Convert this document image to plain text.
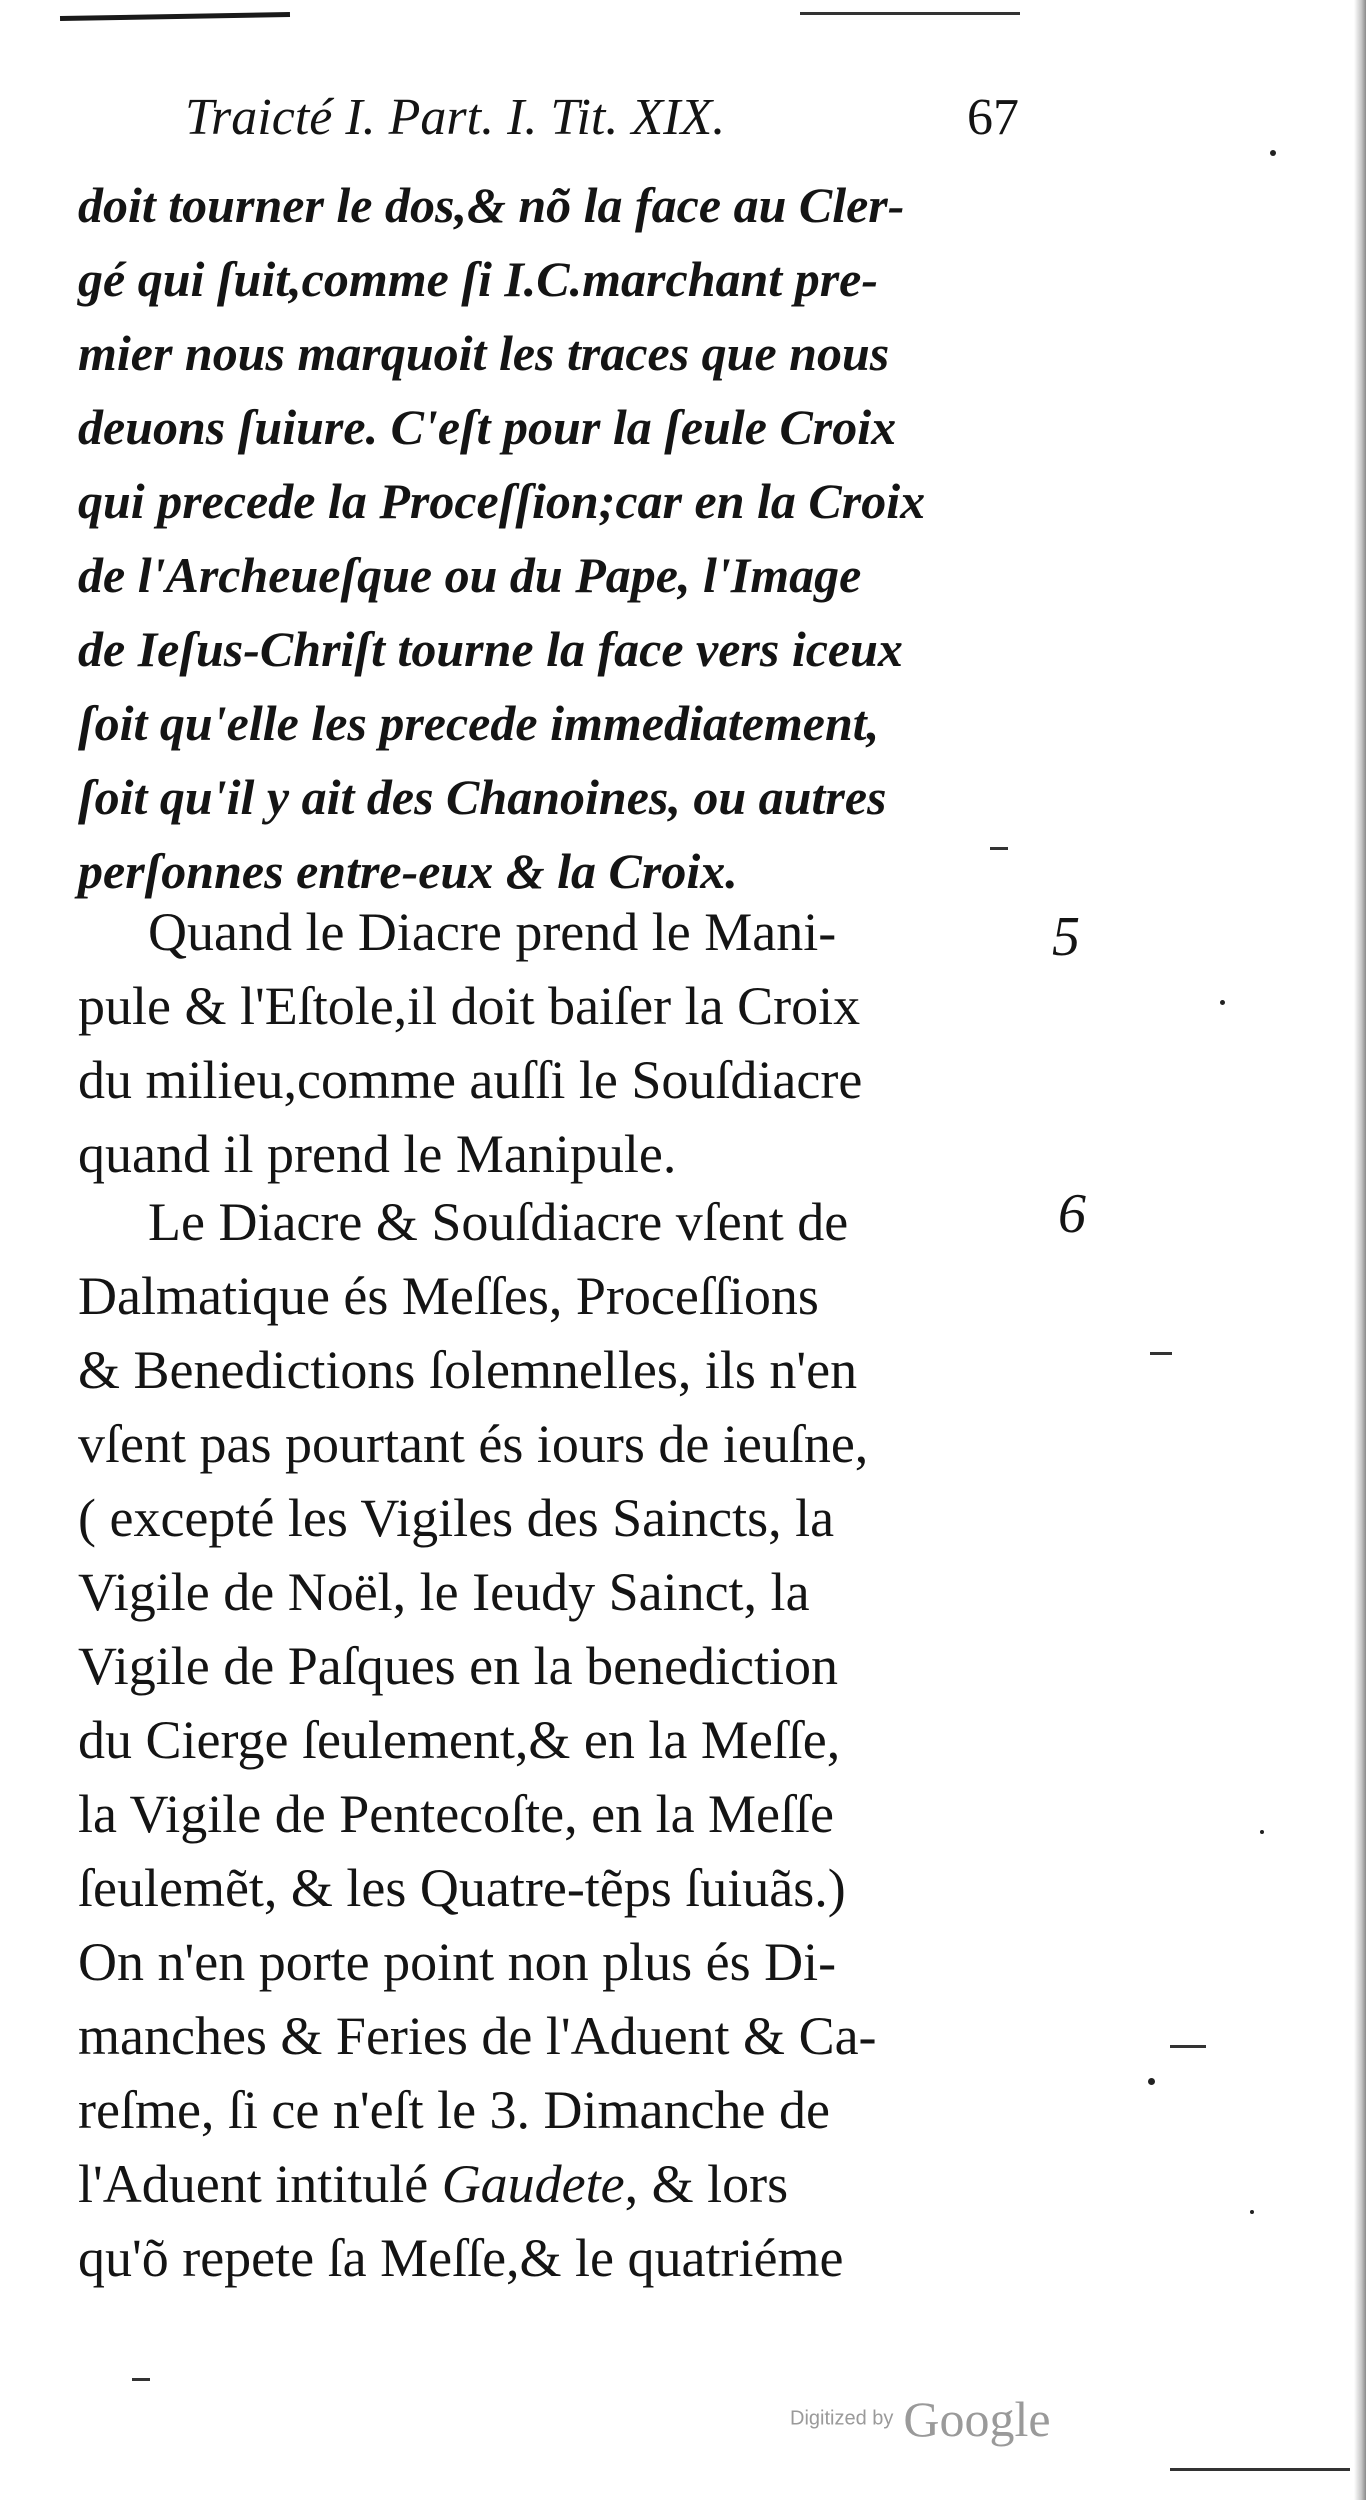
Traicté I. Part. I. Tit. XIX.	67
doit tourner le dos,& nõ la face au Cler-
gé qui ſuit,comme ſi I.C.marchant pre-
mier nous marquoit les traces que nous
deuons ſuiure. C'eſt pour la ſeule Croix
qui precede la Proceſſion;car en la Croix
de l'Archeueſque ou du Pape, l'Image
de Ieſus-Chriſt tourne la face vers iceux
ſoit qu'elle les precede immediatement,
ſoit qu'il y ait des Chanoines, ou autres
perſonnes entre-eux & la Croix.
Quand le Diacre prend le Mani-
pule & l'Eſtole,il doit baiſer la Croix
du milieu,comme auſſi le Souſdiacre
quand il prend le Manipule.
Le Diacre & Souſdiacre vſent de
Dalmatique és Meſſes, Proceſſions
& Benedictions ſolemnelles, ils n'en
vſent pas pourtant és iours de ieuſne,
( excepté les Vigiles des Saincts, la
Vigile de Noël, le Ieudy Sainct, la
Vigile de Paſques en la benediction
du Cierge ſeulement,& en la Meſſe,
la Vigile de Pentecoſte, en la Meſſe
ſeulemẽt, & les Quatre-tẽps ſuiuãs.)
On n'en porte point non plus és Di-
manches & Feries de l'Aduent & Ca-
reſme, ſi ce n'eſt le 3. Dimanche de
l'Aduent intitulé Gaudete, & lors
qu'õ repete ſa Meſſe,& le quatriéme
5
6
Digitized by Google
